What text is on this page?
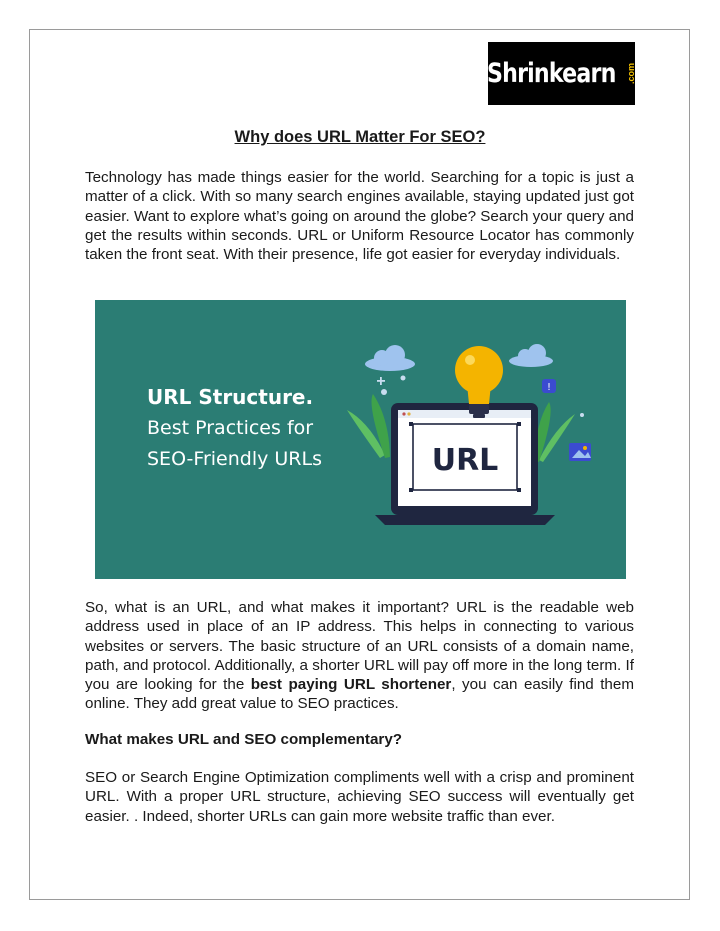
Shrinkearn .com
Why does URL Matter For SEO?

Technology has made things easier for the world. Searching for a topic is just a matter of a click. With so many search engines available, staying updated just got easier. Want to explore what’s going on around the globe? Search your query and get the results within seconds. URL or Uniform Resource Locator has commonly taken the front seat. With their presence, life got easier for everyday individuals.

URL
!
URL Structure.
Best Practices for
SEO-Friendly URLs

So, what is an URL, and what makes it important? URL is the readable web address used in place of an IP address. This helps in connecting to various websites or servers. The basic structure of an URL consists of a domain name, path, and protocol. Additionally, a shorter URL will pay off more in the long term. If you are looking for the best paying URL shortener, you can easily find them online. They add great value to SEO practices.

What makes URL and SEO complementary?

SEO or Search Engine Optimization compliments well with a crisp and prominent URL. With a proper URL structure, achieving SEO success will eventually get easier. . Indeed, shorter URLs can gain more website traffic than ever.
